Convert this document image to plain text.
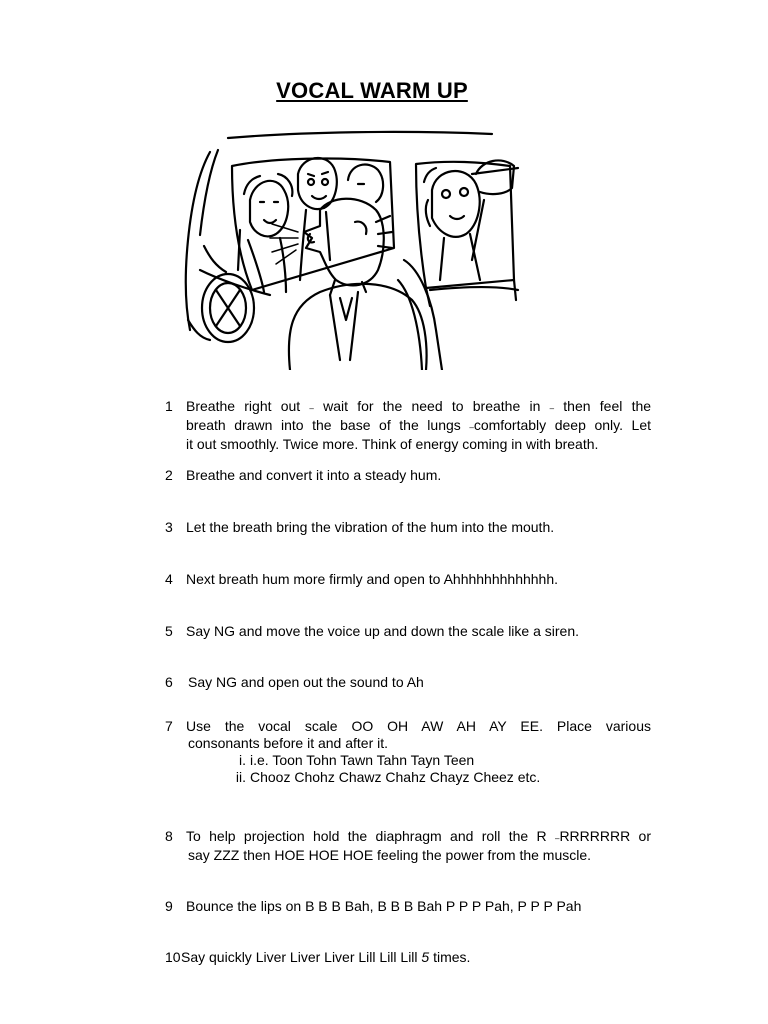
VOCAL WARM UP
1 Breathe right out – wait for the need to breathe in – then feel the
breath drawn into the base of the lungs –comfortably deep only. Let
it out smoothly. Twice more. Think of energy coming in with breath.
2 Breathe and convert it into a steady hum.
3 Let the breath bring the vibration of the hum into the mouth.
4 Next breath hum more firmly and open to Ahhhhhhhhhhhhh.
5 Say NG and move the voice up and down the scale like a siren.
6 Say NG and open out the sound to Ah
7 Use the vocal scale OO OH AW AH AY EE. Place various
consonants before it and after it.
i. i.e. Toon Tohn Tawn Tahn Tayn Teen
ii. Chooz Chohz Chawz Chahz Chayz Cheez etc.
8 To help projection hold the diaphragm and roll the R –RRRRRRR or
say ZZZ then HOE HOE HOE feeling the power from the muscle.
9 Bounce the lips on B B B Bah, B B B Bah P P P Pah, P P P Pah
10 Say quickly Liver Liver Liver Lill Lill Lill 5 times.
